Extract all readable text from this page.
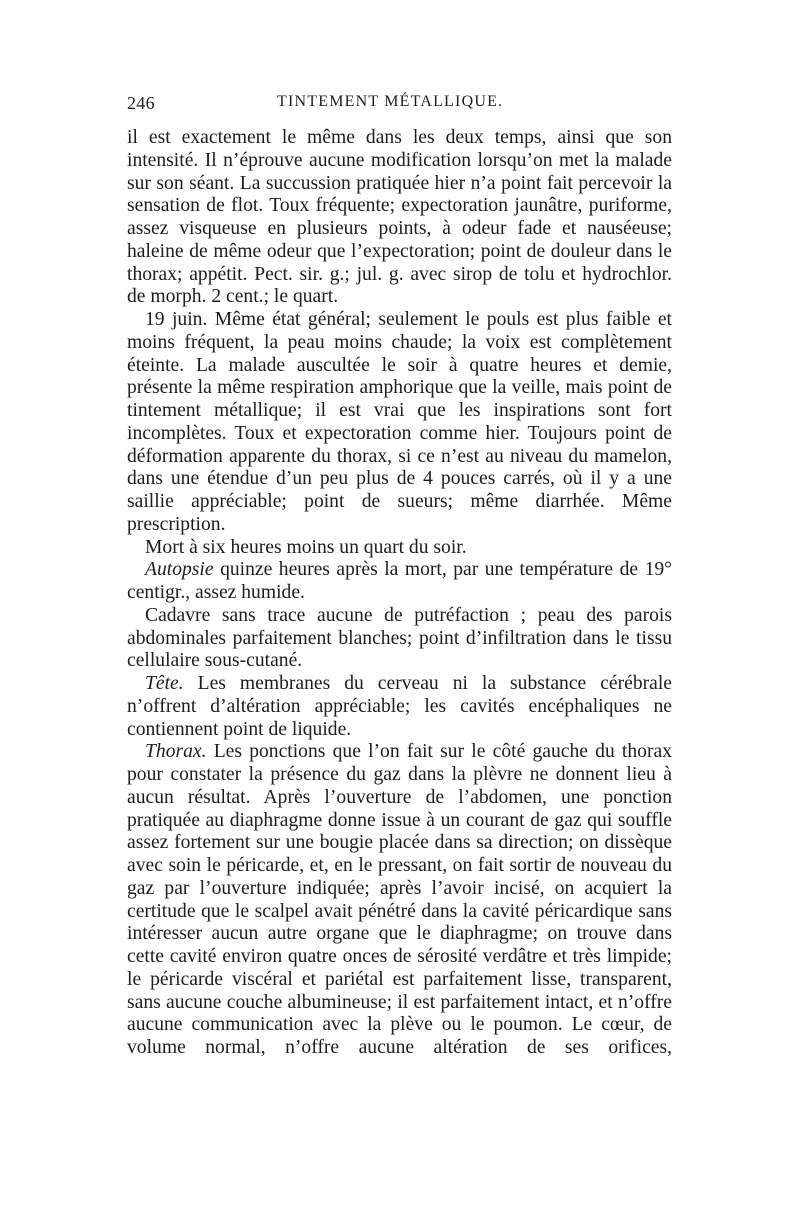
246	TINTEMENT MÉTALLIQUE.

il est exactement le même dans les deux temps, ainsi que son intensité. Il n’éprouve aucune modification lorsqu’on met la malade sur son séant. La succussion pratiquée hier n’a point fait percevoir la sensation de flot. Toux fréquente; expectoration jaunâtre, puriforme, assez visqueuse en plusieurs points, à odeur fade et nauséeuse; haleine de même odeur que l’expectoration; point de douleur dans le thorax; appétit. Pect. sir. g.; jul. g. avec sirop de tolu et hydrochlor. de morph. 2 cent.; le quart.

19 juin. Même état général; seulement le pouls est plus faible et moins fréquent, la peau moins chaude; la voix est complètement éteinte. La malade auscultée le soir à quatre heures et demie, présente la même respiration amphorique que la veille, mais point de tintement métallique; il est vrai que les inspirations sont fort incomplètes. Toux et expectoration comme hier. Toujours point de déformation apparente du thorax, si ce n’est au niveau du mamelon, dans une étendue d’un peu plus de 4 pouces carrés, où il y a une saillie appréciable; point de sueurs; même diarrhée. Même prescription.

Mort à six heures moins un quart du soir.

Autopsie quinze heures après la mort, par une température de 19° centigr., assez humide.

Cadavre sans trace aucune de putréfaction ; peau des parois abdominales parfaitement blanches; point d’infiltration dans le tissu cellulaire sous-cutané.

Tête. Les membranes du cerveau ni la substance cérébrale n’offrent d’altération appréciable; les cavités encéphaliques ne contiennent point de liquide.

Thorax. Les ponctions que l’on fait sur le côté gauche du thorax pour constater la présence du gaz dans la plèvre ne donnent lieu à aucun résultat. Après l’ouverture de l’abdomen, une ponction pratiquée au diaphragme donne issue à un courant de gaz qui souffle assez fortement sur une bougie placée dans sa direction; on dissèque avec soin le péricarde, et, en le pressant, on fait sortir de nouveau du gaz par l’ouverture indiquée; après l’avoir incisé, on acquiert la certitude que le scalpel avait pénétré dans la cavité péricardique sans intéresser aucun autre organe que le diaphragme; on trouve dans cette cavité environ quatre onces de sérosité verdâtre et très limpide; le péricarde viscéral et pariétal est parfaitement lisse, transparent, sans aucune couche albumineuse; il est parfaitement intact, et n’offre aucune communication avec la plève ou le poumon. Le cœur, de volume normal, n’offre aucune altération de ses orifices,
